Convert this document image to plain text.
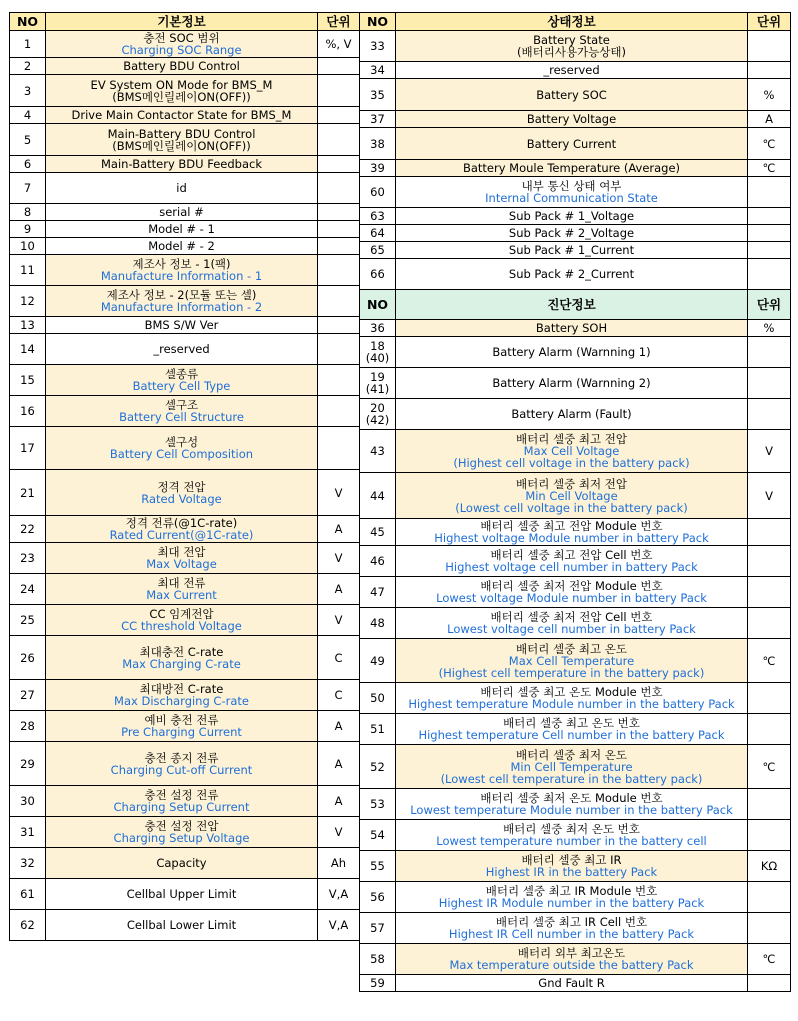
NO	기본정보	단위
1	충전 SOC 범위
Charging SOC Range	%, V
2	Battery BDU Control	

3	EV System ON Mode for BMS_M
(BMS메인릴레이ON(OFF))	

4	Drive Main Contactor State for BMS_M	

5	Main-Battery BDU Control
(BMS메인릴레이ON(OFF))	

6	Main-Battery BDU Feedback	

7	id	

8	serial #	

9	Model # - 1	

10	Model # - 2	

11	제조사 정보 - 1(팩)
Manufacture Information - 1	

12	제조사 정보 - 2(모듈 또는 셀)
Manufacture Information - 2	

13	BMS S/W Ver	

14	_reserved	

15	셀종류
Battery Cell Type	

16	셀구조
Battery Cell Structure	

17	셀구성
Battery Cell Composition	

21	정격 전압
Rated Voltage	V
22	정격 전류(@1C-rate)
Rated Current(@1C-rate)	A
23	최대 전압
Max Voltage	V
24	최대 전류
Max Current	A
25	CC 임계전압
CC threshold Voltage	V
26	최대충전 C-rate
Max Charging C-rate	C
27	최대방전 C-rate
Max Discharging C-rate	C
28	예비 충전 전류
Pre Charging Current	A
29	충전 종지 전류
Charging Cut-off Current	A
30	충전 설정 전류
Charging Setup Current	A
31	충전 설정 전압
Charging Setup Voltage	V
32	Capacity	Ah
61	Cellbal Upper Limit	V,A
62	Cellbal Lower Limit	V,A
NO	상태정보	단위
33	Battery State
(배터리사용가능상태)	

34	_reserved	

35	Battery SOC	%
37	Battery Voltage	A
38	Battery Current	℃
39	Battery Moule Temperature (Average)	℃
60	내부 통신 상태 여부
Internal Communication State	

63	Sub Pack # 1_Voltage	

64	Sub Pack # 2_Voltage	

65	Sub Pack # 1_Current	

66	Sub Pack # 2_Current	

NO	진단정보	단위
36	Battery SOH	%
18
(40)	Battery Alarm (Warnning 1)	

19
(41)	Battery Alarm (Warnning 2)	

20
(42)	Battery Alarm (Fault)	

43	배터리 셀중 최고 전압
Max Cell Voltage
(Highest cell voltage in the battery pack)	V
44	배터리 셀중 최저 전압
Min Cell Voltage
(Lowest cell voltage in the battery pack)	V
45	배터리 셀중 최고 전압 Module 번호
Highest voltage Module number in battery Pack	

46	배터리 셀중 최고 전압 Cell 번호
Highest voltage cell number in battery Pack	

47	배터리 셀중 최저 전압 Module 번호
Lowest voltage Module number in battery Pack	

48	배터리 셀중 최저 전압 Cell 번호
Lowest voltage cell number in battery Pack	

49	배터리 셀중 최고 온도
Max Cell Temperature
(Highest cell temperature in the battery pack)	℃
50	배터리 셀중 최고 온도 Module 번호
Highest temperature Module number in the battery Pack	

51	배터리 셀중 최고 온도 번호
Highest temperature Cell number in the battery Pack	

52	배터리 셀중 최저 온도
Min Cell Temperature
(Lowest cell temperature in the battery pack)	℃
53	배터리 셀중 최저 온도 Module 번호
Lowest temperature Module number in the battery Pack	

54	배터리 셀중 최저 온도 번호
Lowest temperature number in the battery cell	

55	배터리 셀중 최고 IR
Highest IR in the battery Pack	KΩ
56	배터리 셀중 최고 IR Module 번호
Highest IR Module number in the battery Pack	

57	배터리 셀중 최고 IR Cell 번호
Highest IR Cell number in the battery Pack	

58	배터리 외부 최고온도
Max temperature outside the battery Pack	℃
59	Gnd Fault R	
